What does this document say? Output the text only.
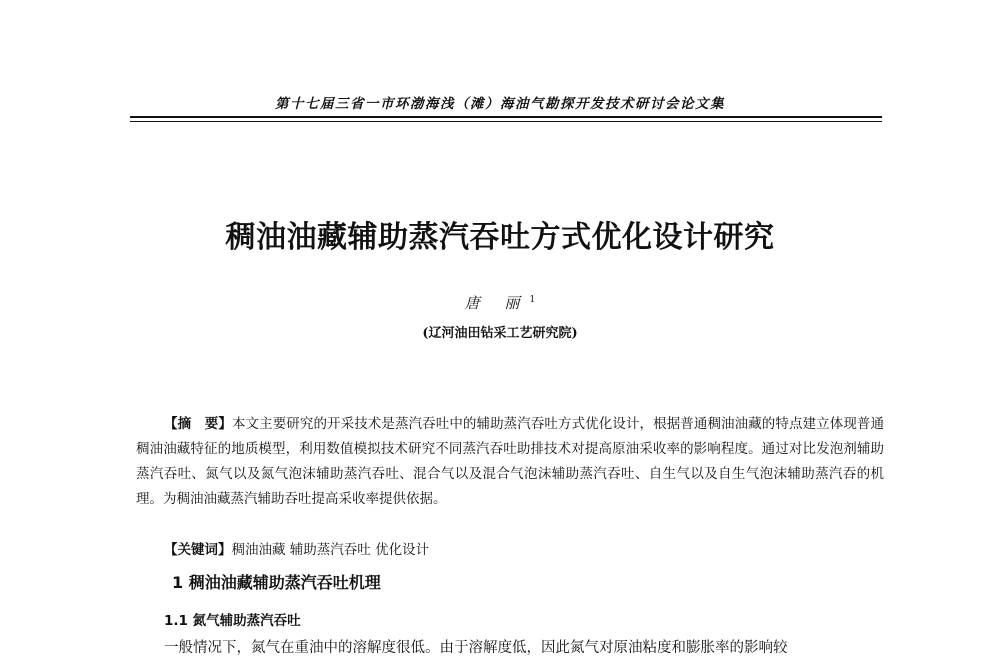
第十七届三省一市环渤海浅（滩）海油气勘探开发技术研讨会论文集
稠油油藏辅助蒸汽吞吐方式优化设计研究
唐 丽$^1$
(辽河油田钻采工艺研究院)
【摘　要】本文主要研究的开采技术是蒸汽吞吐中的辅助蒸汽吞吐方式优化设计，根据普通稠油油藏的特点建立体现普通稠油油藏特征的地质模型，利用数值模拟技术研究不同蒸汽吞吐助排技术对提高原油采收率的影响程度。通过对比发泡剂辅助蒸汽吞吐、氮气以及氮气泡沫辅助蒸汽吞吐、混合气以及混合气泡沫辅助蒸汽吞吐、自生气以及自生气泡沫辅助蒸汽吞的机理。为稠油油藏蒸汽辅助吞吐提高采收率提供依据。
【关键词】稠油油藏 辅助蒸汽吞吐 优化设计
1 稠油油藏辅助蒸汽吞吐机理
1.1 氮气辅助蒸汽吞吐
一般情况下，氮气在重油中的溶解度很低。由于溶解度低，因此氮气对原油粘度和膨胀率的影响较
